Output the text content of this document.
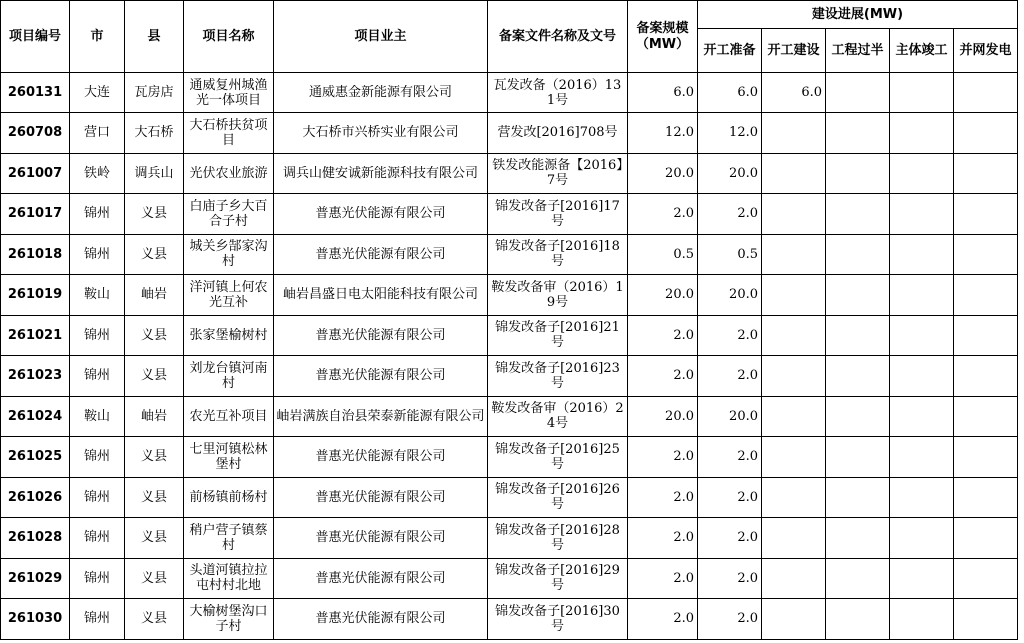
项目编号	市	县	项目名称	项目业主	备案文件名称及文号	备案规模（MW）	建设进展(MW)				

							开工准备	开工建设	工程过半	主体竣工	并网发电

260131	大连	瓦房店	通威复州城渔光一体项目	通威惠金新能源有限公司	瓦发改备（2016）131号	6.0	6.0	6.0			
260708	营口	大石桥	大石桥扶贫项目	大石桥市兴桥实业有限公司	营发改[2016]708号	12.0	12.0				
261007	铁岭	调兵山	光伏农业旅游	调兵山健安诚新能源科技有限公司	铁发改能源备【2016】7号	20.0	20.0				
261017	锦州	义县	白庙子乡大百合子村	普惠光伏能源有限公司	锦发改备子[2016]17号	2.0	2.0				
261018	锦州	义县	城关乡郜家沟村	普惠光伏能源有限公司	锦发改备子[2016]18号	0.5	0.5				
261019	鞍山	岫岩	洋河镇上何农光互补	岫岩昌盛日电太阳能科技有限公司	鞍发改备审（2016）19号	20.0	20.0				
261021	锦州	义县	张家堡榆树村	普惠光伏能源有限公司	锦发改备子[2016]21号	2.0	2.0				
261023	锦州	义县	刘龙台镇河南村	普惠光伏能源有限公司	锦发改备子[2016]23号	2.0	2.0				
261024	鞍山	岫岩	农光互补项目	岫岩满族自治县荣泰新能源有限公司	鞍发改备审（2016）24号	20.0	20.0				
261025	锦州	义县	七里河镇松林堡村	普惠光伏能源有限公司	锦发改备子[2016]25号	2.0	2.0				
261026	锦州	义县	前杨镇前杨村	普惠光伏能源有限公司	锦发改备子[2016]26号	2.0	2.0				
261028	锦州	义县	稍户营子镇蔡村	普惠光伏能源有限公司	锦发改备子[2016]28号	2.0	2.0				
261029	锦州	义县	头道河镇拉拉屯村村北地	普惠光伏能源有限公司	锦发改备子[2016]29号	2.0	2.0				
261030	锦州	义县	大榆树堡沟口子村	普惠光伏能源有限公司	锦发改备子[2016]30号	2.0	2.0				
